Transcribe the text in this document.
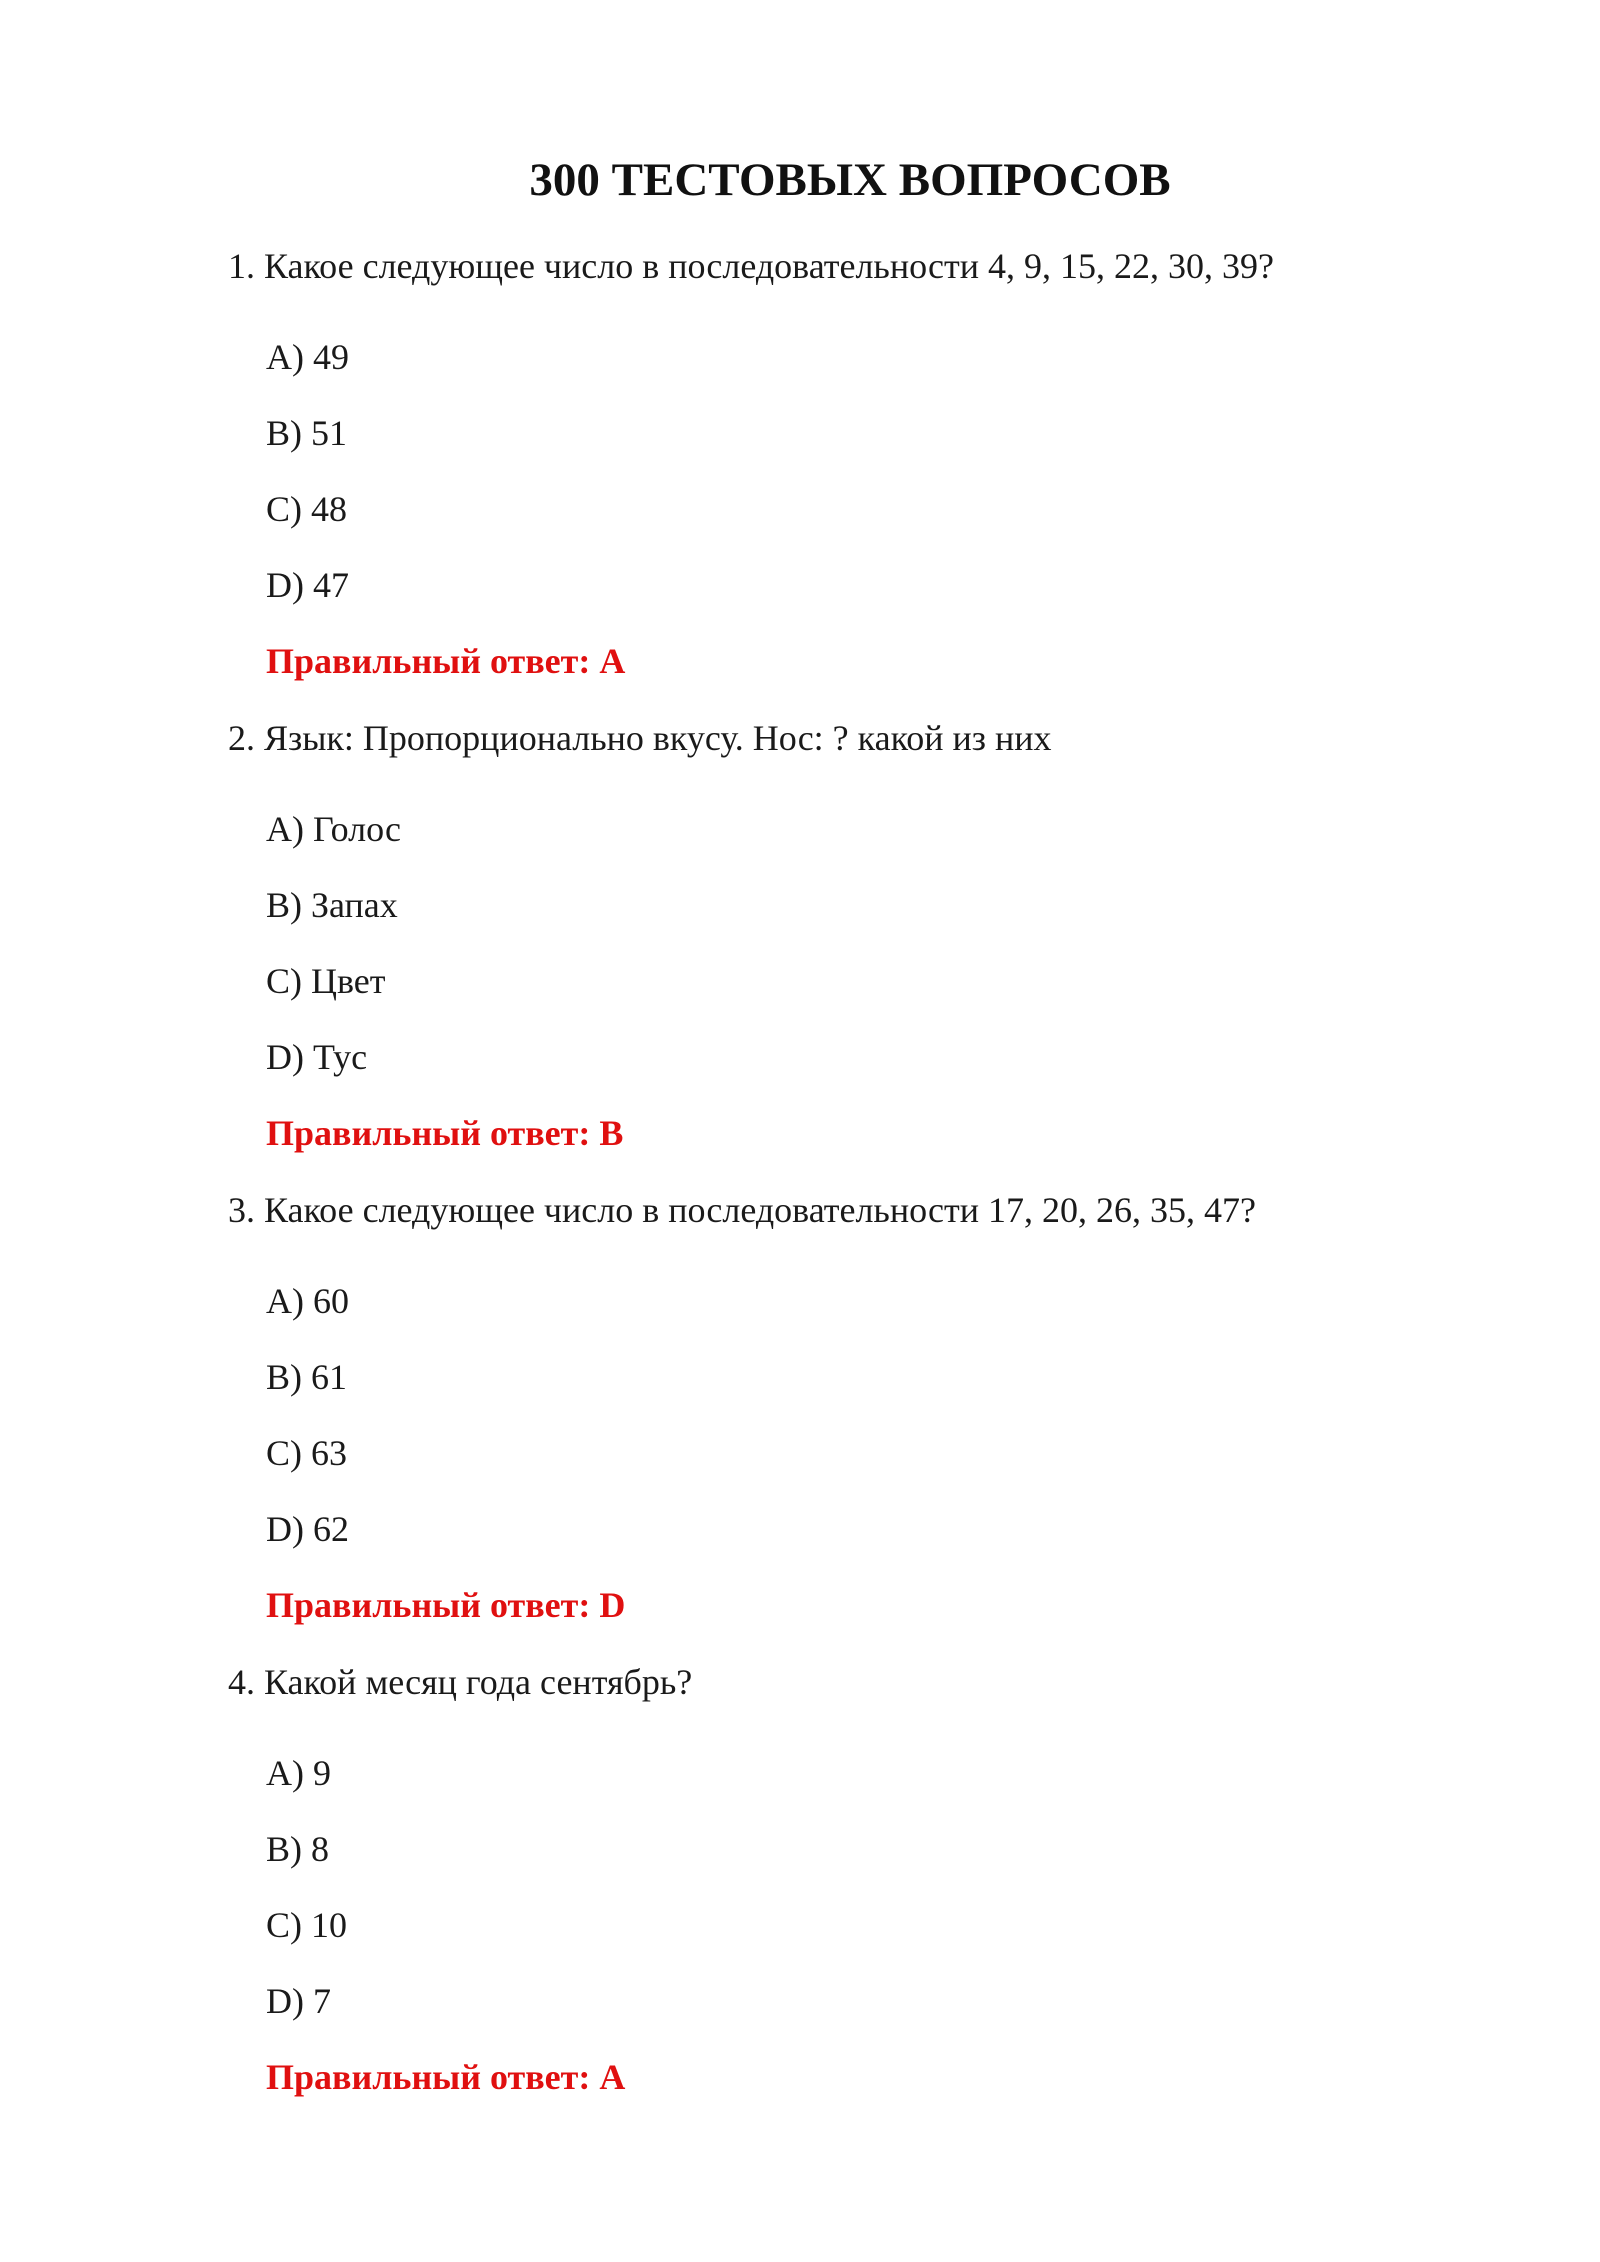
300 ТЕСТОВЫХ ВОПРОСОВ
1. Какое следующее число в последовательности 4, 9, 15, 22, 30, 39?
A) 49
B) 51
C) 48
D) 47
Правильный ответ: A
2. Язык: Пропорционально вкусу. Нос: ? какой из них
A) Голос
B) Запах
C) Цвет
D) Тус
Правильный ответ: B
3. Какое следующее число в последовательности 17, 20, 26, 35, 47?
A) 60
B) 61
C) 63
D) 62
Правильный ответ: D
4. Какой месяц года сентябрь?
A) 9
B) 8
C) 10
D) 7
Правильный ответ: A
